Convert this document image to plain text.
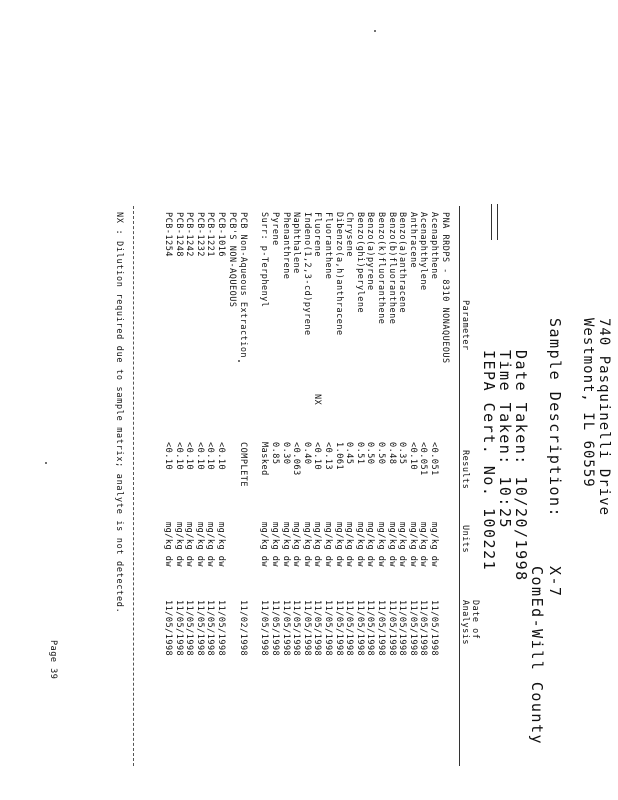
740 Pasquinelli Drive
Westmont, IL 60559
Sample Description:
X-7
ComEd-Will County
Date Taken: 10/20/1998
Time Taken: 10:25
IEPA Cert. No. 100221
Parameter
Results
Units
Date of
Analysis
PNA RRDPS - 8310 NONAQUEOUS
Acenaphthene
<0.051
mg/kg dw
11/05/1998
Acenaphthylene
<0.051
mg/kg dw
11/05/1998
Anthracene
<0.10
mg/kg dw
11/05/1998
Benzo(a)anthracene
0.35
mg/kg dw
11/05/1998
Benzo(b)fluoranthene
0.48
mg/kg dw
11/05/1998
Benzo(k)fluoranthene
0.50
mg/kg dw
11/05/1998
Benzo(a)pyrene
0.50
mg/kg dw
11/05/1998
Benzo(ghi)perylene
0.51
mg/kg dw
11/05/1998
Chrysene
0.45
mg/kg dw
11/05/1998
Dibenzo(a,h)anthracene
1.061
mg/kg dw
11/05/1998
Fluoranthene
<0.13
mg/kg dw
11/05/1998
Fluorene
<0.10
mg/kg dw
11/05/1998
NX
Indeno(1,2,3-cd)pyrene
0.40
mg/kg dw
11/05/1998
Naphthalene
<0.063
mg/kg dw
11/05/1998
Phenanthrene
0.30
mg/kg dw
11/05/1998
Pyrene
0.85
mg/kg dw
11/05/1998
Surr: p-Terphenyl
Masked
mg/kg dw
11/05/1998
PCB Non-Aqueous Extraction
COMPLETE
11/02/1998
PCB'S NON-AQUEOUS
PCB-1016
<0.10
mg/kg dw
11/05/1998
PCB-1221
<0.10
mg/kg dw
11/05/1998
PCB-1232
<0.10
mg/kg dw
11/05/1998
PCB-1242
<0.10
mg/kg dw
11/05/1998
PCB-1248
<0.10
mg/kg dw
11/05/1998
PCB-1254
<0.10
mg/kg dw
11/05/1998
NX : Dilution required due to sample matrix; analyte is not detected.
Page 39
